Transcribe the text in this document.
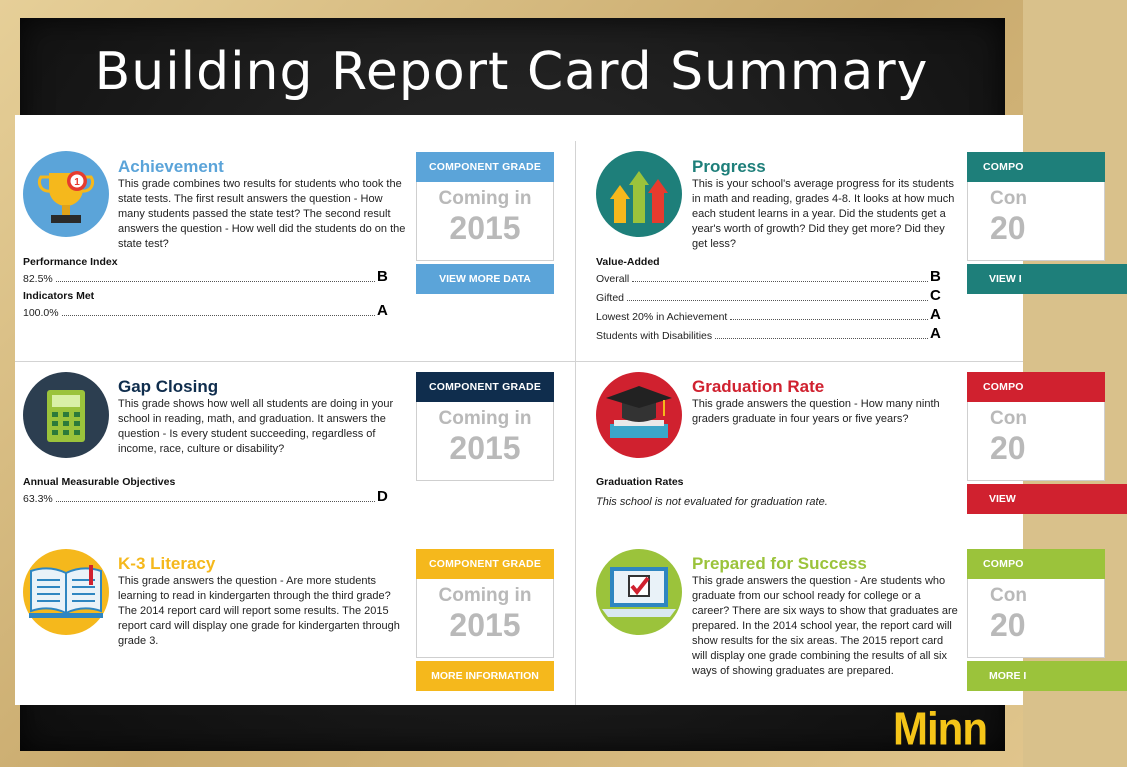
Building Report Card Summary
1
Achievement

This grade combines two results for students who took the state tests. The first result answers the question - How many students passed the state test? The second result answers the question - How well did the students do on the state test?

COMPONENT GRADE
Coming in
2015
VIEW MORE DATA

Performance Index

82.5%	B

Indicators Met

100.0%	A
Progress

This is your school's average progress for its students in math and reading, grades 4-8. It looks at how much each student learns in a year. Did the students get a year's worth of growth? Did they get more? Did they get less?

COMPO
Con
20
VIEW I

Value-Added

Overall	B
Gifted	C
Lowest 20% in Achievement	A
Students with Disabilities	A
Gap Closing

This grade shows how well all students are doing in your school in reading, math, and graduation. It answers the question - Is every student succeeding, regardless of income, race, culture or disability?

COMPONENT GRADE
Coming in
2015

Annual Measurable Objectives

63.3%	D
Graduation Rate

This grade answers the question - How many ninth graders graduate in four years or five years?

COMPO
Con
20
VIEW

Graduation Rates

This school is not evaluated for graduation rate.

K-3 Literacy

This grade answers the question - Are more students learning to read in kindergarten through the third grade? The 2014 report card will report some results. The 2015 report card will display one grade for kindergarten through grade 3.

COMPONENT GRADE
Coming in
2015
MORE INFORMATION
Prepared for Success

This grade answers the question - Are students who graduate from our school ready for college or a career? There are six ways to show that graduates are prepared. In the 2014 school year, the report card will show results for the six areas. The 2015 report card will display one grade combining the results of all six ways of showing graduates are prepared.

COMPO
Con
20
MORE I
Minn
